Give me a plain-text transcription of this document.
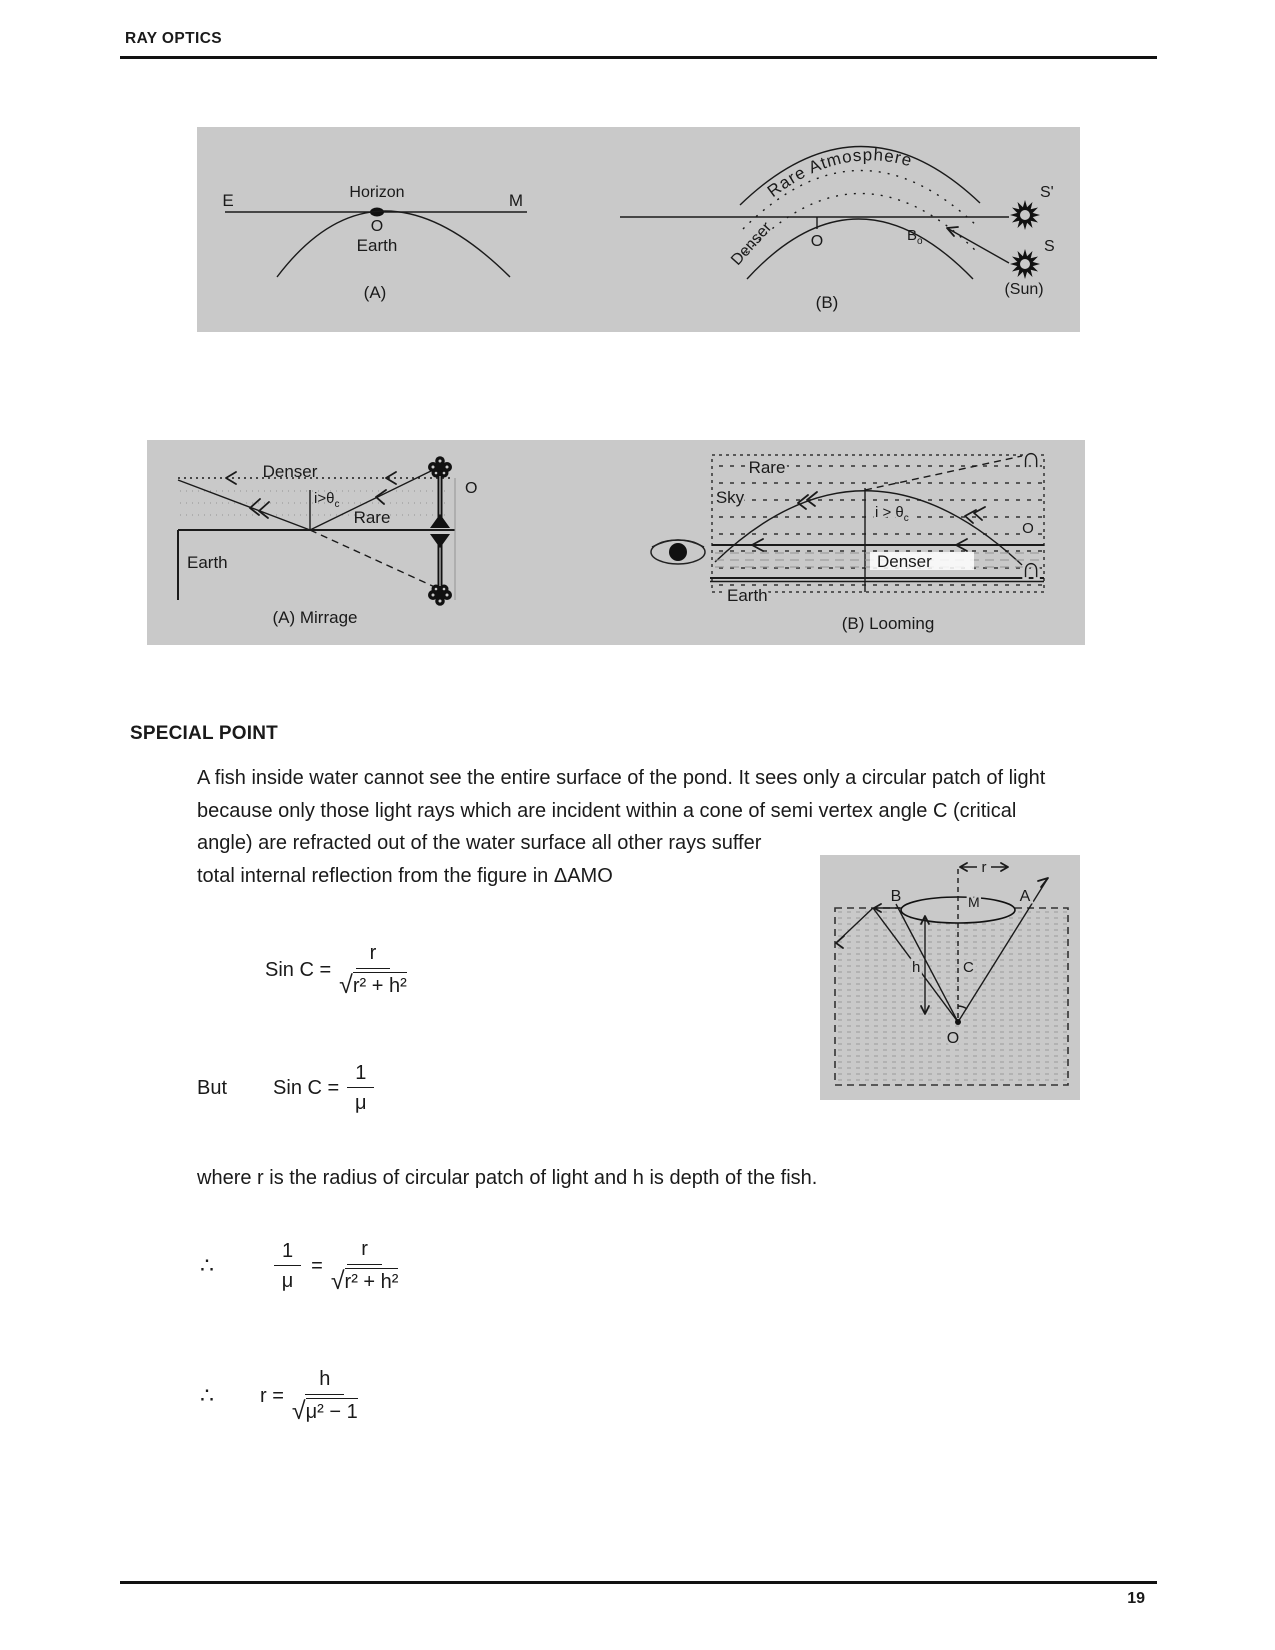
RAY OPTICS
E	Horizon	M
O
Earth
(A)
Rare Atmosphere
Denser O	$B_o$
S'
S
(Sun)
(B)
Denser
$i>\theta_c$
Rare
O
Earth
(A) Mirrage
Denser
Rare
Sky
$i > \theta_c$
Earth
∩
O
∩
(B) Looming
SPECIAL POINT
A fish inside water cannot see the entire surface of the pond. It sees only a circular patch of light
because only those light rays which are incident within a cone of semi vertex angle C (critical
angle) are refracted out of the water surface all other rays suffer
total internal reflection from the figure in ΔAMO	r
B	A
M
h	C
O
Sin $C = \frac{r}{\text{√ r² + h²}}$
But Sin $C = \frac{1}{\mu}$
where r is the radius of circular patch of light and h is depth of the fish.
∴	$\frac{1}{\mu} = \frac{r}{\text{√ r² + h²}}$
∴ $r = \frac{h}{\text{√ μ² − 1}}$
19
